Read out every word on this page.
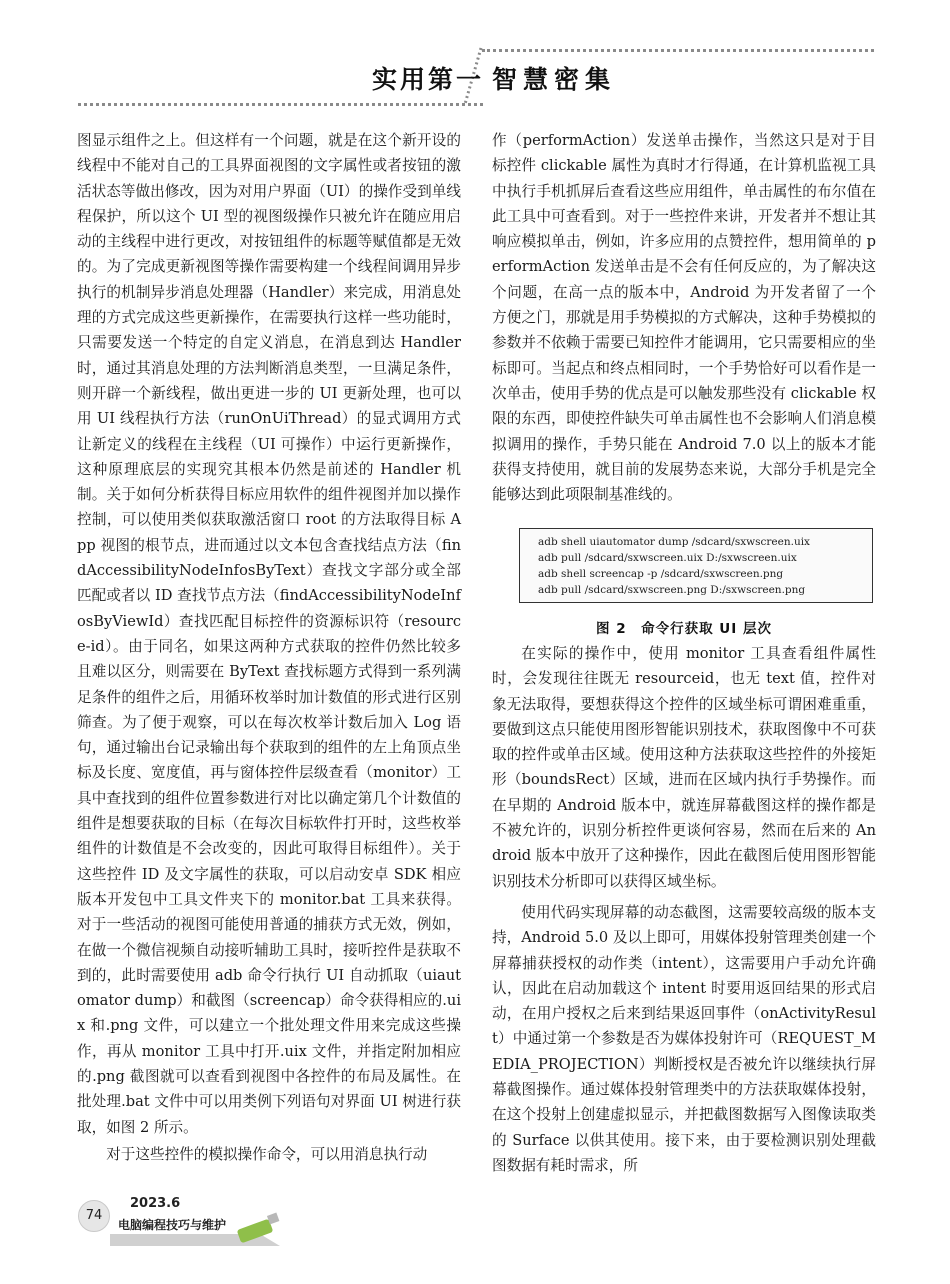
实用第一 智慧密集

图显示组件之上。但这样有一个问题，就是在这个新开设的线程中不能对自己的工具界面视图的文字属性或者按钮的激活状态等做出修改，因为对用户界面（UI）的操作受到单线程保护，所以这个 UI 型的视图级操作只被允许在随应用启动的主线程中进行更改，对按钮组件的标题等赋值都是无效的。为了完成更新视图等操作需要构建一个线程间调用异步执行的机制异步消息处理器（Handler）来完成，用消息处理的方式完成这些更新操作，在需要执行这样一些功能时，只需要发送一个特定的自定义消息，在消息到达 Handler 时，通过其消息处理的方法判断消息类型，一旦满足条件，则开辟一个新线程，做出更进一步的 UI 更新处理，也可以用 UI 线程执行方法（runOnUiThread）的显式调用方式让新定义的线程在主线程（UI 可操作）中运行更新操作，这种原理底层的实现究其根本仍然是前述的 Handler 机制。关于如何分析获得目标应用软件的组件视图并加以操作控制，可以使用类似获取激活窗口 root 的方法取得目标 App 视图的根节点，进而通过以文本包含查找结点方法（findAccessibilityNodeInfosByText）查找文字部分或全部匹配或者以 ID 查找节点方法（findAccessibilityNodeInfosByViewId）查找匹配目标控件的资源标识符（resource-id）。由于同名，如果这两种方式获取的控件仍然比较多且难以区分，则需要在 ByText 查找标题方式得到一系列满足条件的组件之后，用循环枚举时加计数值的形式进行区别筛查。为了便于观察，可以在每次枚举计数后加入 Log 语句，通过输出台记录输出每个获取到的组件的左上角顶点坐标及长度、宽度值，再与窗体控件层级查看（monitor）工具中查找到的组件位置参数进行对比以确定第几个计数值的组件是想要获取的目标（在每次目标软件打开时，这些枚举组件的计数值是不会改变的，因此可取得目标组件）。关于这些控件 ID 及文字属性的获取，可以启动安卓 SDK 相应版本开发包中工具文件夹下的 monitor.bat 工具来获得。对于一些活动的视图可能使用普通的捕获方式无效，例如，在做一个微信视频自动接听辅助工具时，接听控件是获取不到的，此时需要使用 adb 命令行执行 UI 自动抓取（uiautomator dump）和截图（screencap）命令获得相应的.uix 和.png 文件，可以建立一个批处理文件用来完成这些操作，再从 monitor 工具中打开.uix 文件，并指定附加相应的.png 截图就可以查看到视图中各控件的布局及属性。在批处理.bat 文件中可以用类例下列语句对界面 UI 树进行获取，如图 2 所示。

对于这些控件的模拟操作命令，可以用消息执行动

作（performAction）发送单击操作，当然这只是对于目标控件 clickable 属性为真时才行得通，在计算机监视工具中执行手机抓屏后查看这些应用组件，单击属性的布尔值在此工具中可查看到。对于一些控件来讲，开发者并不想让其响应模拟单击，例如，许多应用的点赞控件，想用简单的 performAction 发送单击是不会有任何反应的，为了解决这个问题，在高一点的版本中，Android 为开发者留了一个方便之门，那就是用手势模拟的方式解决，这种手势模拟的参数并不依赖于需要已知控件才能调用，它只需要相应的坐标即可。当起点和终点相同时，一个手势恰好可以看作是一次单击，使用手势的优点是可以触发那些没有 clickable 权限的东西，即使控件缺失可单击属性也不会影响人们消息模拟调用的操作，手势只能在 Android 7.0 以上的版本才能获得支持使用，就目前的发展势态来说，大部分手机是完全能够达到此项限制基准线的。

adb shell uiautomator dump /sdcard/sxwscreen.uix
adb pull /sdcard/sxwscreen.uix D:/sxwscreen.uix
adb shell screencap -p /sdcard/sxwscreen.png
adb pull /sdcard/sxwscreen.png D:/sxwscreen.png
图 2　命令行获取 UI 层次

在实际的操作中，使用 monitor 工具查看组件属性时，会发现往往既无 resourceid，也无 text 值，控件对象无法取得，要想获得这个控件的区域坐标可谓困难重重，要做到这点只能使用图形智能识别技术，获取图像中不可获取的控件或单击区域。使用这种方法获取这些控件的外接矩形（boundsRect）区域，进而在区域内执行手势操作。而在早期的 Android 版本中，就连屏幕截图这样的操作都是不被允许的，识别分析控件更谈何容易，然而在后来的 Android 版本中放开了这种操作，因此在截图后使用图形智能识别技术分析即可以获得区域坐标。

使用代码实现屏幕的动态截图，这需要较高级的版本支持，Android 5.0 及以上即可，用媒体投射管理类创建一个屏幕捕获授权的动作类（intent），这需要用户手动允许确认，因此在启动加载这个 intent 时要用返回结果的形式启动，在用户授权之后来到结果返回事件（onActivityResult）中通过第一个参数是否为媒体投射许可（REQUEST_MEDIA_PROJECTION）判断授权是否被允许以继续执行屏幕截图操作。通过媒体投射管理类中的方法获取媒体投射，在这个投射上创建虚拟显示，并把截图数据写入图像读取类的 Surface 以供其使用。接下来，由于要检测识别处理截图数据有耗时需求，所

74
2023.6
电脑编程技巧与维护
